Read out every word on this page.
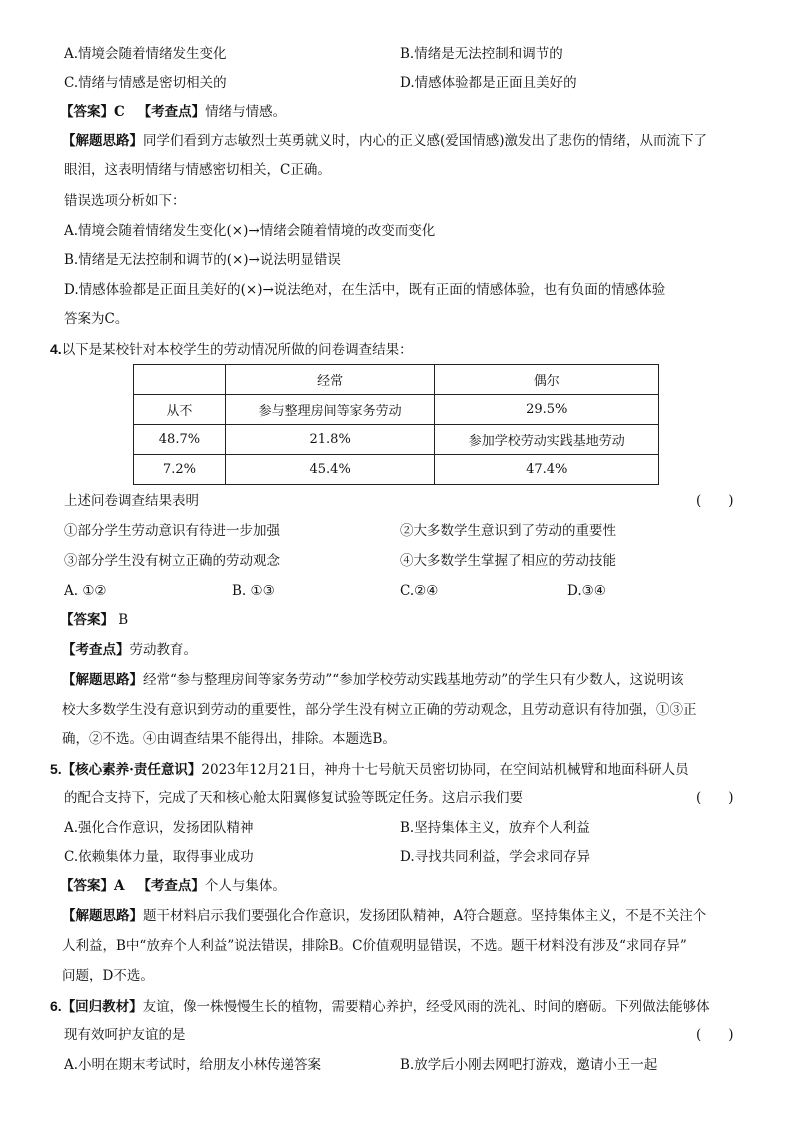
A.情境会随着情绪发生变化	B.情绪是无法控制和调节的
C.情绪与情感是密切相关的	D.情感体验都是正面且美好的
【答案】C 【考查点】情绪与情感。
【解题思路】同学们看到方志敏烈士英勇就义时，内心的正义感(爱国情感)激发出了悲伤的情绪，从而流下了
眼泪，这表明情绪与情感密切相关，C正确。
错误选项分析如下：
A.情境会随着情绪发生变化(×)→情绪会随着情境的改变而变化
B.情绪是无法控制和调节的(×)→说法明显错误
D.情感体验都是正面且美好的(×)→说法绝对，在生活中，既有正面的情感体验，也有负面的情感体验
答案为C。
4.以下是某校针对本校学生的劳动情况所做的问卷调查结果：
	经常	偶尔
从不	参与整理房间等家务劳动	29.5%
48.7%	21.8%	参加学校劳动实践基地劳动
7.2%	45.4%	47.4%
上述问卷调查结果表明	(　　)
①部分学生劳动意识有待进一步加强	②大多数学生意识到了劳动的重要性
③部分学生没有树立正确的劳动观念	④大多数学生掌握了相应的劳动技能
A. ①②	B. ①③	C.②④	D.③④
【答案】 B
【考查点】劳动教育。
【解题思路】经常“参与整理房间等家务劳动”“参加学校劳动实践基地劳动”的学生只有少数人，这说明该
校大多数学生没有意识到劳动的重要性，部分学生没有树立正确的劳动观念，且劳动意识有待加强，①③正
确，②不选。④由调查结果不能得出，排除。本题选B。
5.【核心素养·责任意识】2023年12月21日，神舟十七号航天员密切协同，在空间站机械臂和地面科研人员
的配合支持下，完成了天和核心舱太阳翼修复试验等既定任务。这启示我们要	(　　)
A.强化合作意识，发扬团队精神	B.坚持集体主义，放弃个人利益
C.依赖集体力量，取得事业成功	D.寻找共同利益，学会求同存异
【答案】A 【考查点】个人与集体。
【解题思路】题干材料启示我们要强化合作意识，发扬团队精神，A符合题意。坚持集体主义，不是不关注个
人利益，B中“放弃个人利益”说法错误，排除B。C价值观明显错误，不选。题干材料没有涉及“求同存异”
问题，D不选。
6.【回归教材】友谊，像一株慢慢生长的植物，需要精心养护，经受风雨的洗礼、时间的磨砺。下列做法能够体
现有效呵护友谊的是	(　　)
A.小明在期末考试时，给朋友小林传递答案	B.放学后小刚去网吧打游戏，邀请小王一起
